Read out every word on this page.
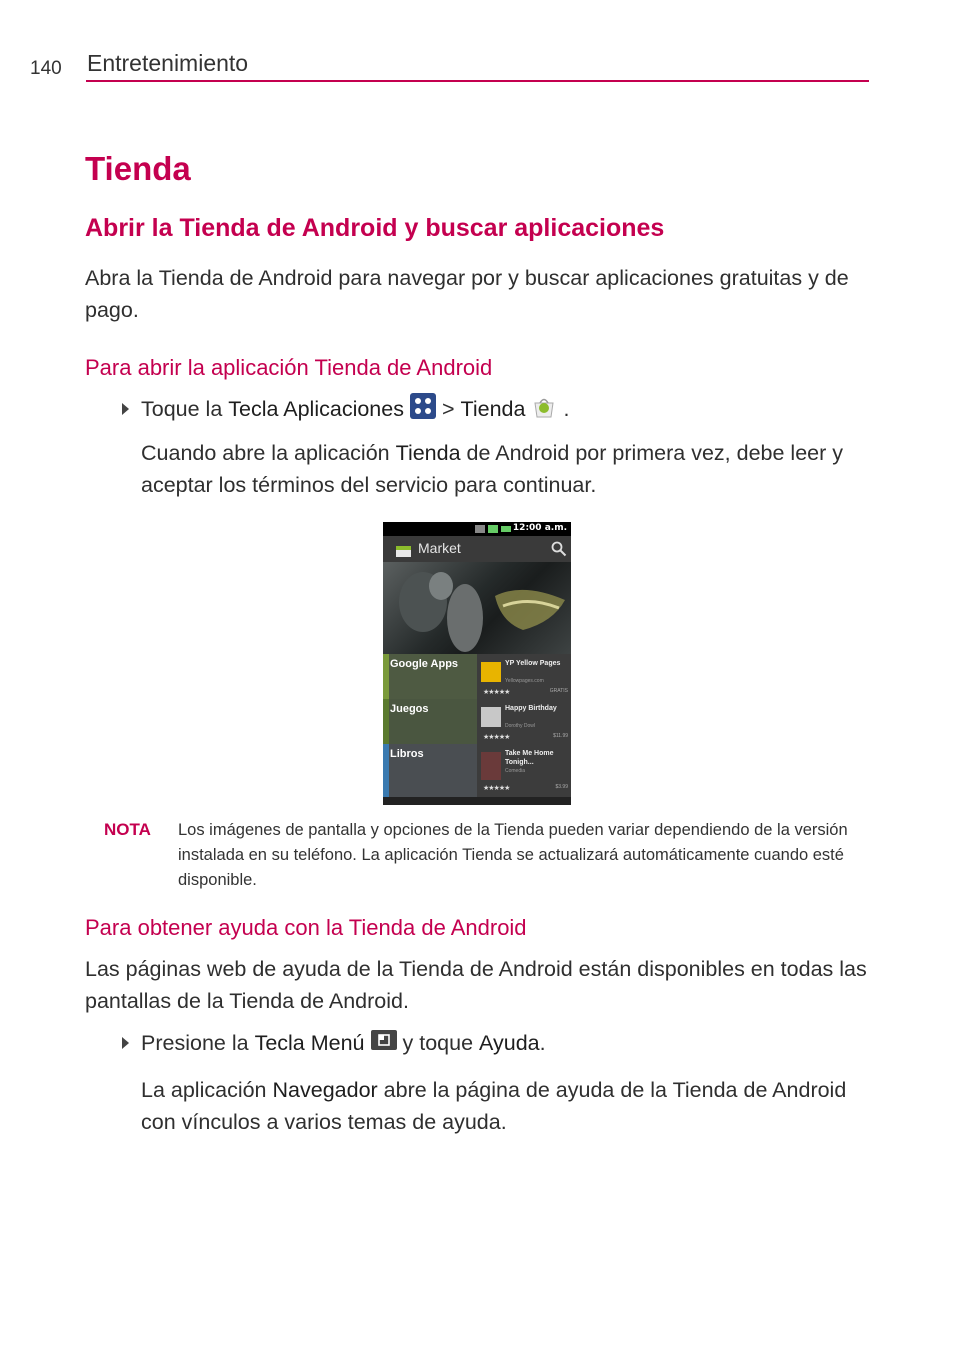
140 Entretenimiento
Tienda
Abrir la Tienda de Android y buscar aplicaciones
Abra la Tienda de Android para navegar por y buscar aplicaciones gratuitas y de pago.
Para abrir la aplicación Tienda de Android
Toque la
Tecla Aplicaciones >
Tienda .
Cuando abre la aplicación Tienda de Android por primera vez, debe leer y aceptar los términos del servicio para continuar.
12:00 a.m.
Market
Google Apps
Juegos
Libros
YP Yellow Pages
Yellowpages.com
★★★★★	GRATIS
Happy Birthday
Dorothy Dowl
★★★★★	$11.99
Take Me Home Tonigh...
Comedia
★★★★★	$3.99
NOTA Los imágenes de pantalla y opciones de la Tienda pueden variar dependiendo de la versión instalada en su teléfono. La aplicación Tienda se actualizará automáticamente cuando esté disponible.
Para obtener ayuda con la Tienda de Android
Las páginas web de ayuda de la Tienda de Android están disponibles en todas las pantallas de la Tienda de Android.
Presione la
Tecla Menú y toque
Ayuda .
La aplicación Navegador abre la página de ayuda de la Tienda de Android con vínculos a varios temas de ayuda.
